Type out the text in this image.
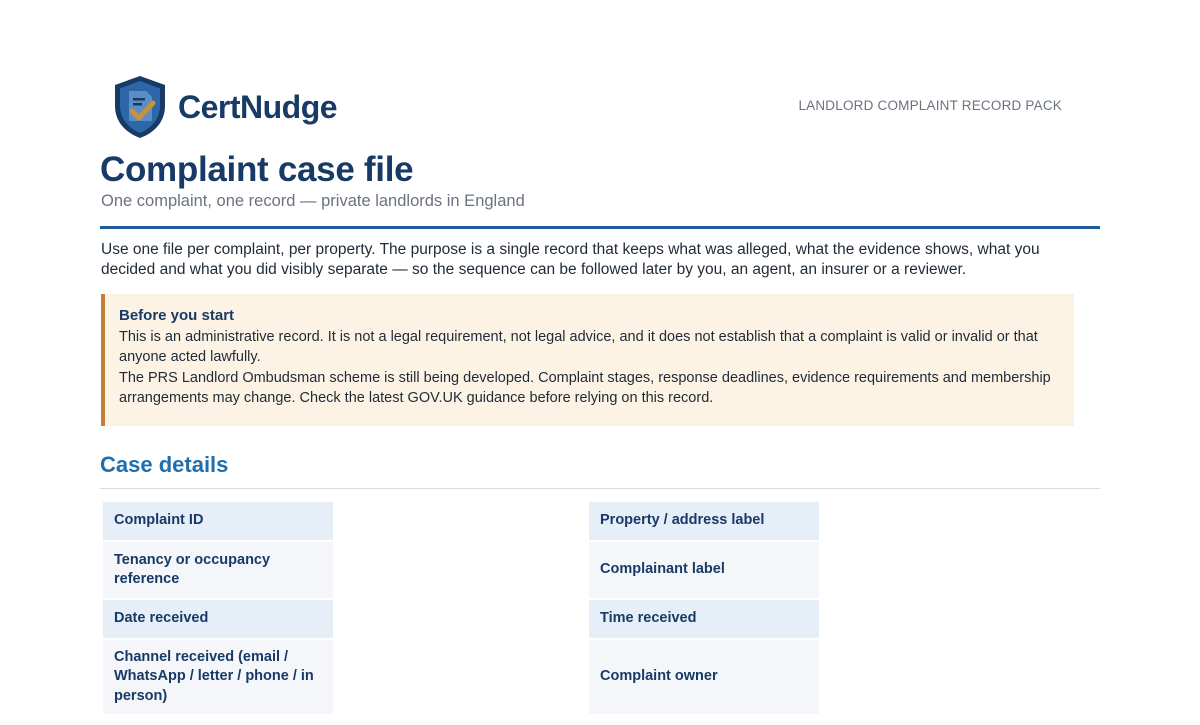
CertNudge	LANDLORD COMPLAINT RECORD PACK
Complaint case file
One complaint, one record — private landlords in England

Use one file per complaint, per property. The purpose is a single record that keeps what was alleged, what the evidence shows, what you decided and what you did visibly separate — so the sequence can be followed later by you, an agent, an insurer or a reviewer.

Before you start

This is an administrative record. It is not a legal requirement, not legal advice, and it does not establish that a complaint is valid or invalid or that anyone acted lawfully.

The PRS Landlord Ombudsman scheme is still being developed. Complaint stages, response deadlines, evidence requirements and membership arrangements may change. Check the latest GOV.UK guidance before relying on this record.

Case details
Complaint ID
Tenancy or occupancy reference
Date received
Channel received (email / WhatsApp / letter / phone / in person)
Property / address label
Complainant label
Time received
Complaint owner
